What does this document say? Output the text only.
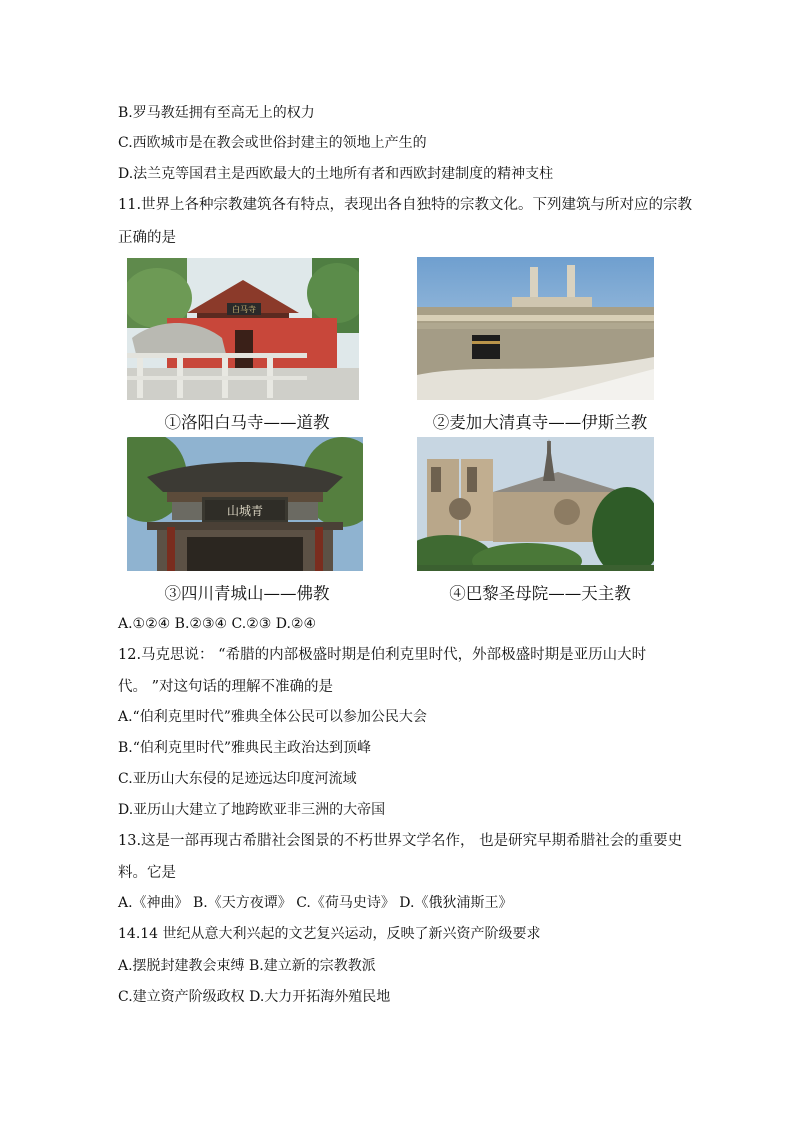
B.罗马教廷拥有至高无上的权力
C.西欧城市是在教会或世俗封建主的领地上产生的
D.法兰克等国君主是西欧最大的土地所有者和西欧封建制度的精神支柱
11.世界上各种宗教建筑各有特点，表现出各自独特的宗教文化。下列建筑与所对应的宗教
正确的是
白马寺
①洛阳白马寺——道教	②麦加大清真寺——伊斯兰教
山城青
③四川青城山——佛教	④巴黎圣母院——天主教
A.①②④ B.②③④ C.②③ D.②④
12.马克思说： “希腊的内部极盛时期是伯利克里时代，外部极盛时期是亚历山大时
代。 ”对这句话的理解不准确的是
A.“伯利克里时代”雅典全体公民可以参加公民大会
B.“伯利克里时代”雅典民主政治达到顶峰
C.亚历山大东侵的足迹远达印度河流域
D.亚历山大建立了地跨欧亚非三洲的大帝国
13.这是一部再现古希腊社会图景的不朽世界文学名作， 也是研究早期希腊社会的重要史
料。它是
A.《神曲》 B.《天方夜谭》 C.《荷马史诗》 D.《俄狄浦斯王》
14.14 世纪从意大利兴起的文艺复兴运动，反映了新兴资产阶级要求
A.摆脱封建教会束缚 B.建立新的宗教教派
C.建立资产阶级政权 D.大力开拓海外殖民地
